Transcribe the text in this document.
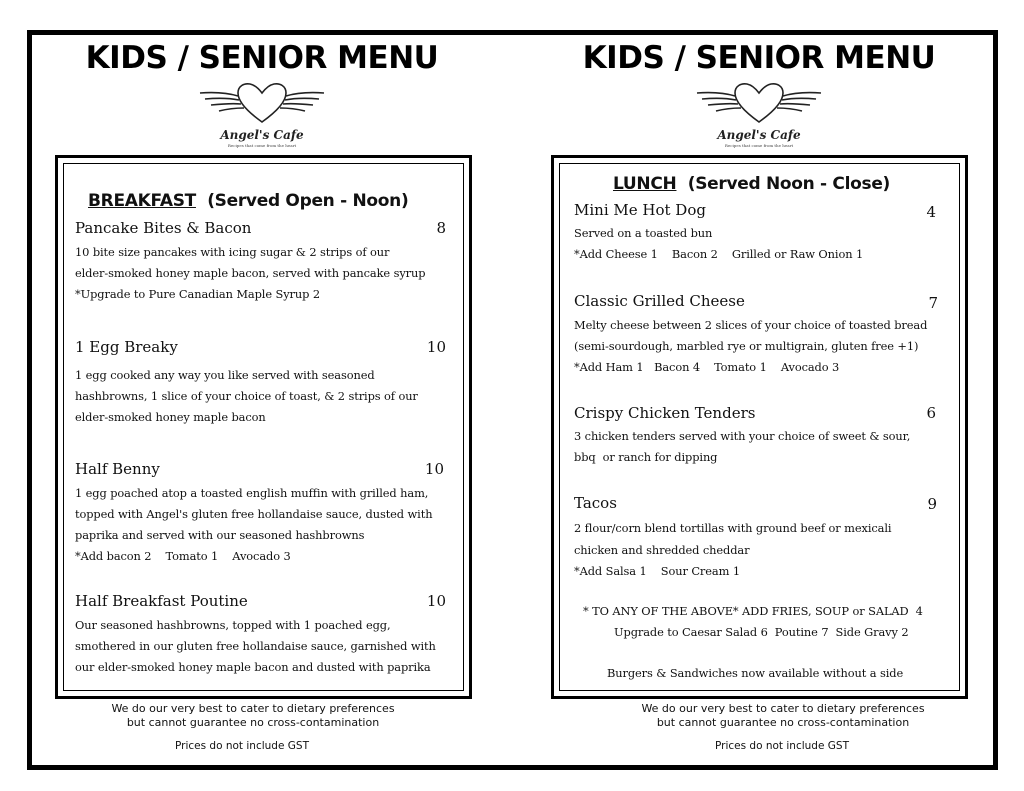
KIDS / SENIOR MENU
Angel's Cafe
Recipes that come from the heart
BREAKFAST (Served Open - Noon)
Pancake Bites & Bacon	8
10 bite size pancakes with icing sugar & 2 strips of our
elder-smoked honey maple bacon, served with pancake syrup
*Upgrade to Pure Canadian Maple Syrup 2
1 Egg Breaky	10
1 egg cooked any way you like served with seasoned
hashbrowns, 1 slice of your choice of toast, & 2 strips of our
elder-smoked honey maple bacon
Half Benny	10
1 egg poached atop a toasted english muffin with grilled ham,
topped with Angel's gluten free hollandaise sauce, dusted with
paprika and served with our seasoned hashbrowns
*Add bacon 2    Tomato 1    Avocado 3
Half Breakfast Poutine	10
Our seasoned hashbrowns, topped with 1 poached egg,
smothered in our gluten free hollandaise sauce, garnished with
our elder-smoked honey maple bacon and dusted with paprika
We do our very best to cater to dietary preferences
but cannot guarantee no cross-contamination
Prices do not include GST
KIDS / SENIOR MENU
Angel's Cafe
Recipes that come from the heart
LUNCH (Served Noon - Close)
Mini Me Hot Dog	4
Served on a toasted bun
*Add Cheese 1    Bacon 2    Grilled or Raw Onion 1
Classic Grilled Cheese	7
Melty cheese between 2 slices of your choice of toasted bread
(semi-sourdough, marbled rye or multigrain, gluten free +1)
*Add Ham 1   Bacon 4    Tomato 1    Avocado 3
Crispy Chicken Tenders	6
3 chicken tenders served with your choice of sweet & sour,
bbq  or ranch for dipping
Tacos	9
2 flour/corn blend tortillas with ground beef or mexicali
chicken and shredded cheddar
*Add Salsa 1    Sour Cream 1
* TO ANY OF THE ABOVE* ADD FRIES, SOUP or SALAD  4
Upgrade to Caesar Salad 6  Poutine 7  Side Gravy 2
Burgers & Sandwiches now available without a side
We do our very best to cater to dietary preferences
but cannot guarantee no cross-contamination
Prices do not include GST
